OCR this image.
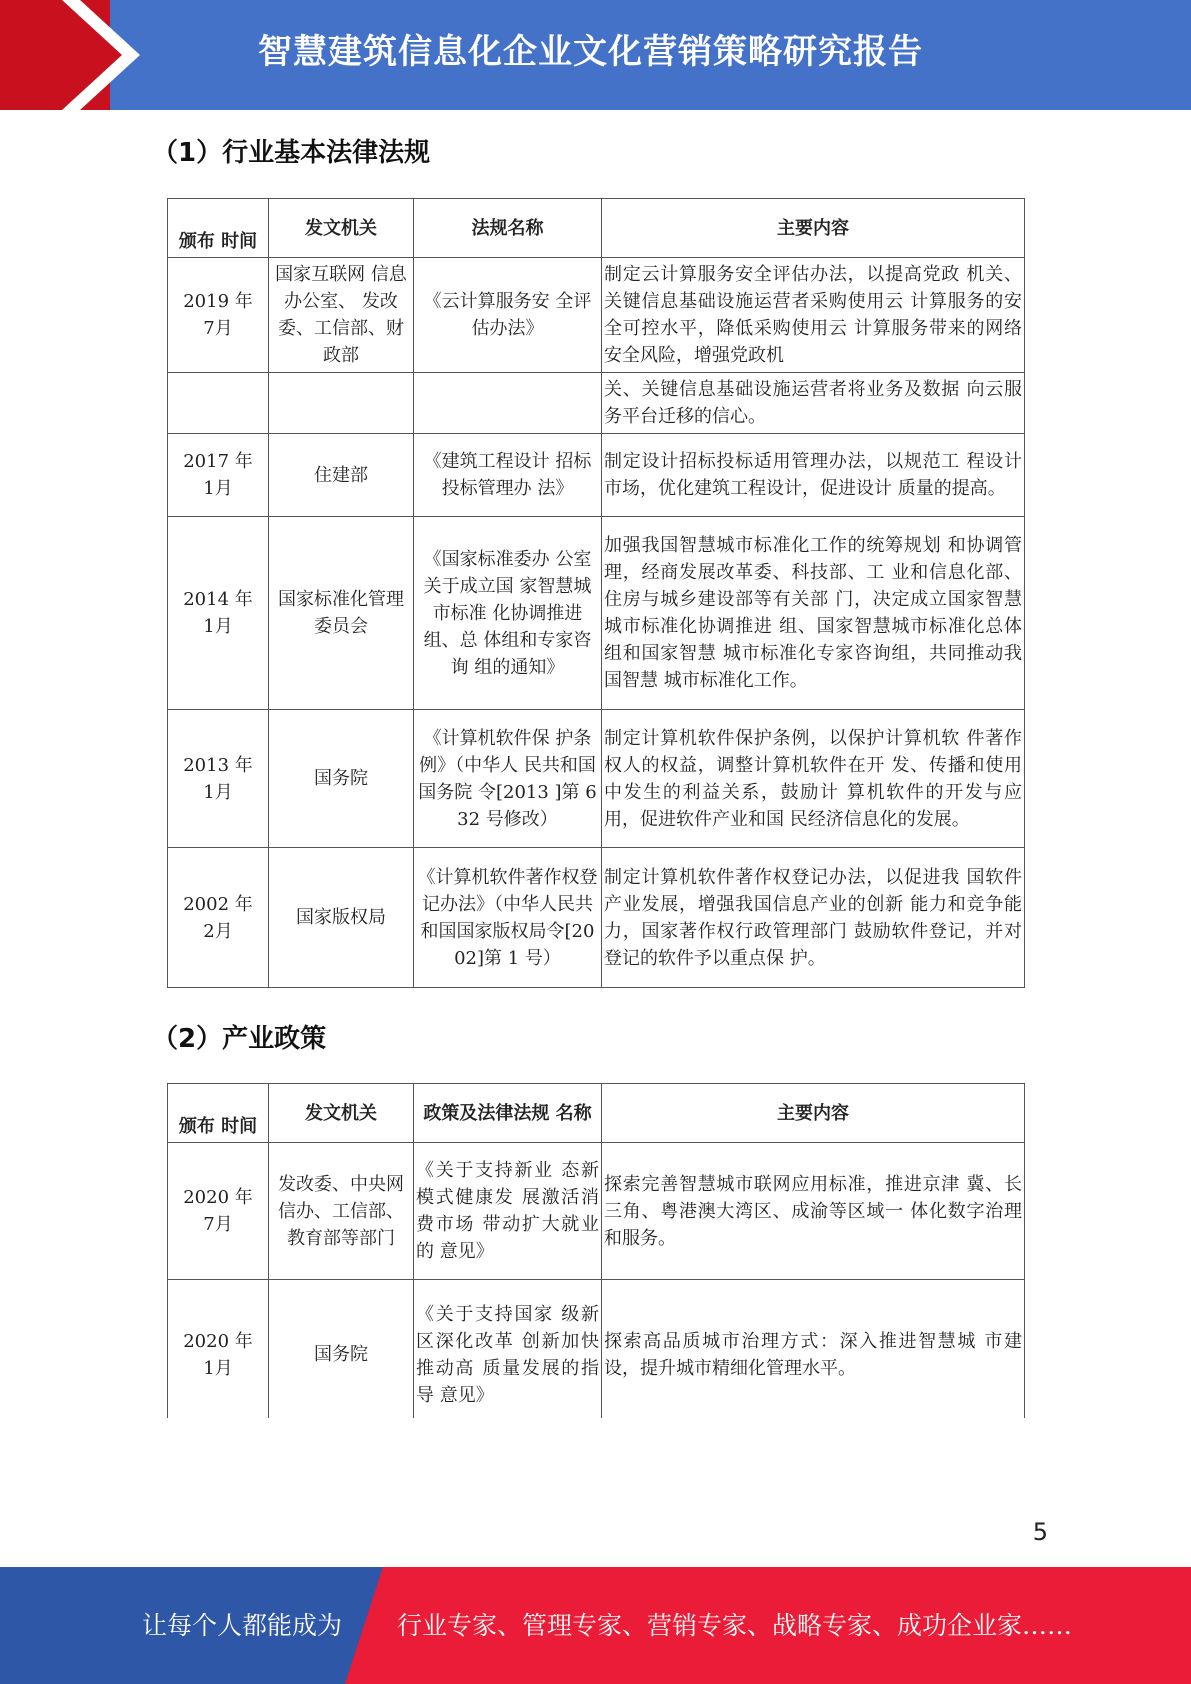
智慧建筑信息化企业文化营销策略研究报告
（1）行业基本法律法规
颁布 时间	发文机关	法规名称	主要内容
2019 年
7月	国家互联网 信息办公室、 发改委、工信部、财政部	《云计算服务安 全评估办法》	制定云计算服务安全评估办法，以提高党政 机关、关键信息基础设施运营者采购使用云 计算服务的安全可控水平，降低采购使用云 计算服务带来的网络安全风险，增强党政机
			关、关键信息基础设施运营者将业务及数据 向云服务平台迁移的信心。
2017 年
1月	住建部	《建筑工程设计 招标投标管理办 法》	制定设计招标投标适用管理办法，以规范工 程设计市场，优化建筑工程设计，促进设计 质量的提高。
2014 年
1月	国家标准化管理委员会	《国家标准委办 公室关于成立国 家智慧城市标准 化协调推进组、总 体组和专家咨询 组的通知》	加强我国智慧城市标准化工作的统筹规划 和协调管理，经商发展改革委、科技部、工 业和信息化部、住房与城乡建设部等有关部 门，决定成立国家智慧城市标准化协调推进 组、国家智慧城市标准化总体组和国家智慧 城市标准化专家咨询组，共同推动我国智慧 城市标准化工作。
2013 年
1月	国务院	《计算机软件保 护条例》（中华人 民共和国国务院 令[2013 ]第 632 号修改）	制定计算机软件保护条例，以保护计算机软 件著作权人的权益，调整计算机软件在开 发、传播和使用中发生的利益关系，鼓励计 算机软件的开发与应用，促进软件产业和国 民经济信息化的发展。
2002 年
2月	国家版权局	《计算机软件著作权登记办法》（中华人民共和国国家版权局令[2002]第 1 号）	制定计算机软件著作权登记办法，以促进我 国软件产业发展，增强我国信息产业的创新 能力和竞争能力，国家著作权行政管理部门 鼓励软件登记，并对登记的软件予以重点保 护。
（2）产业政策
颁布 时间	发文机关	政策及法律法规 名称	主要内容
2020 年
7月	发改委、中央网信办、工信部、教育部等部门	《关于支持新业 态新模式健康发 展激活消费市场 带动扩大就业的 意见》	探索完善智慧城市联网应用标准，推进京津 冀、长三角、粤港澳大湾区、成渝等区域一 体化数字治理和服务。
2020 年
1月	国务院	《关于支持国家 级新区深化改革 创新加快推动高 质量发展的指导 意见》	探索高品质城市治理方式：深入推进智慧城 市建设，提升城市精细化管理水平。
5
让每个人都能成为 行业专家、管理专家、营销专家、战略专家、成功企业家……
